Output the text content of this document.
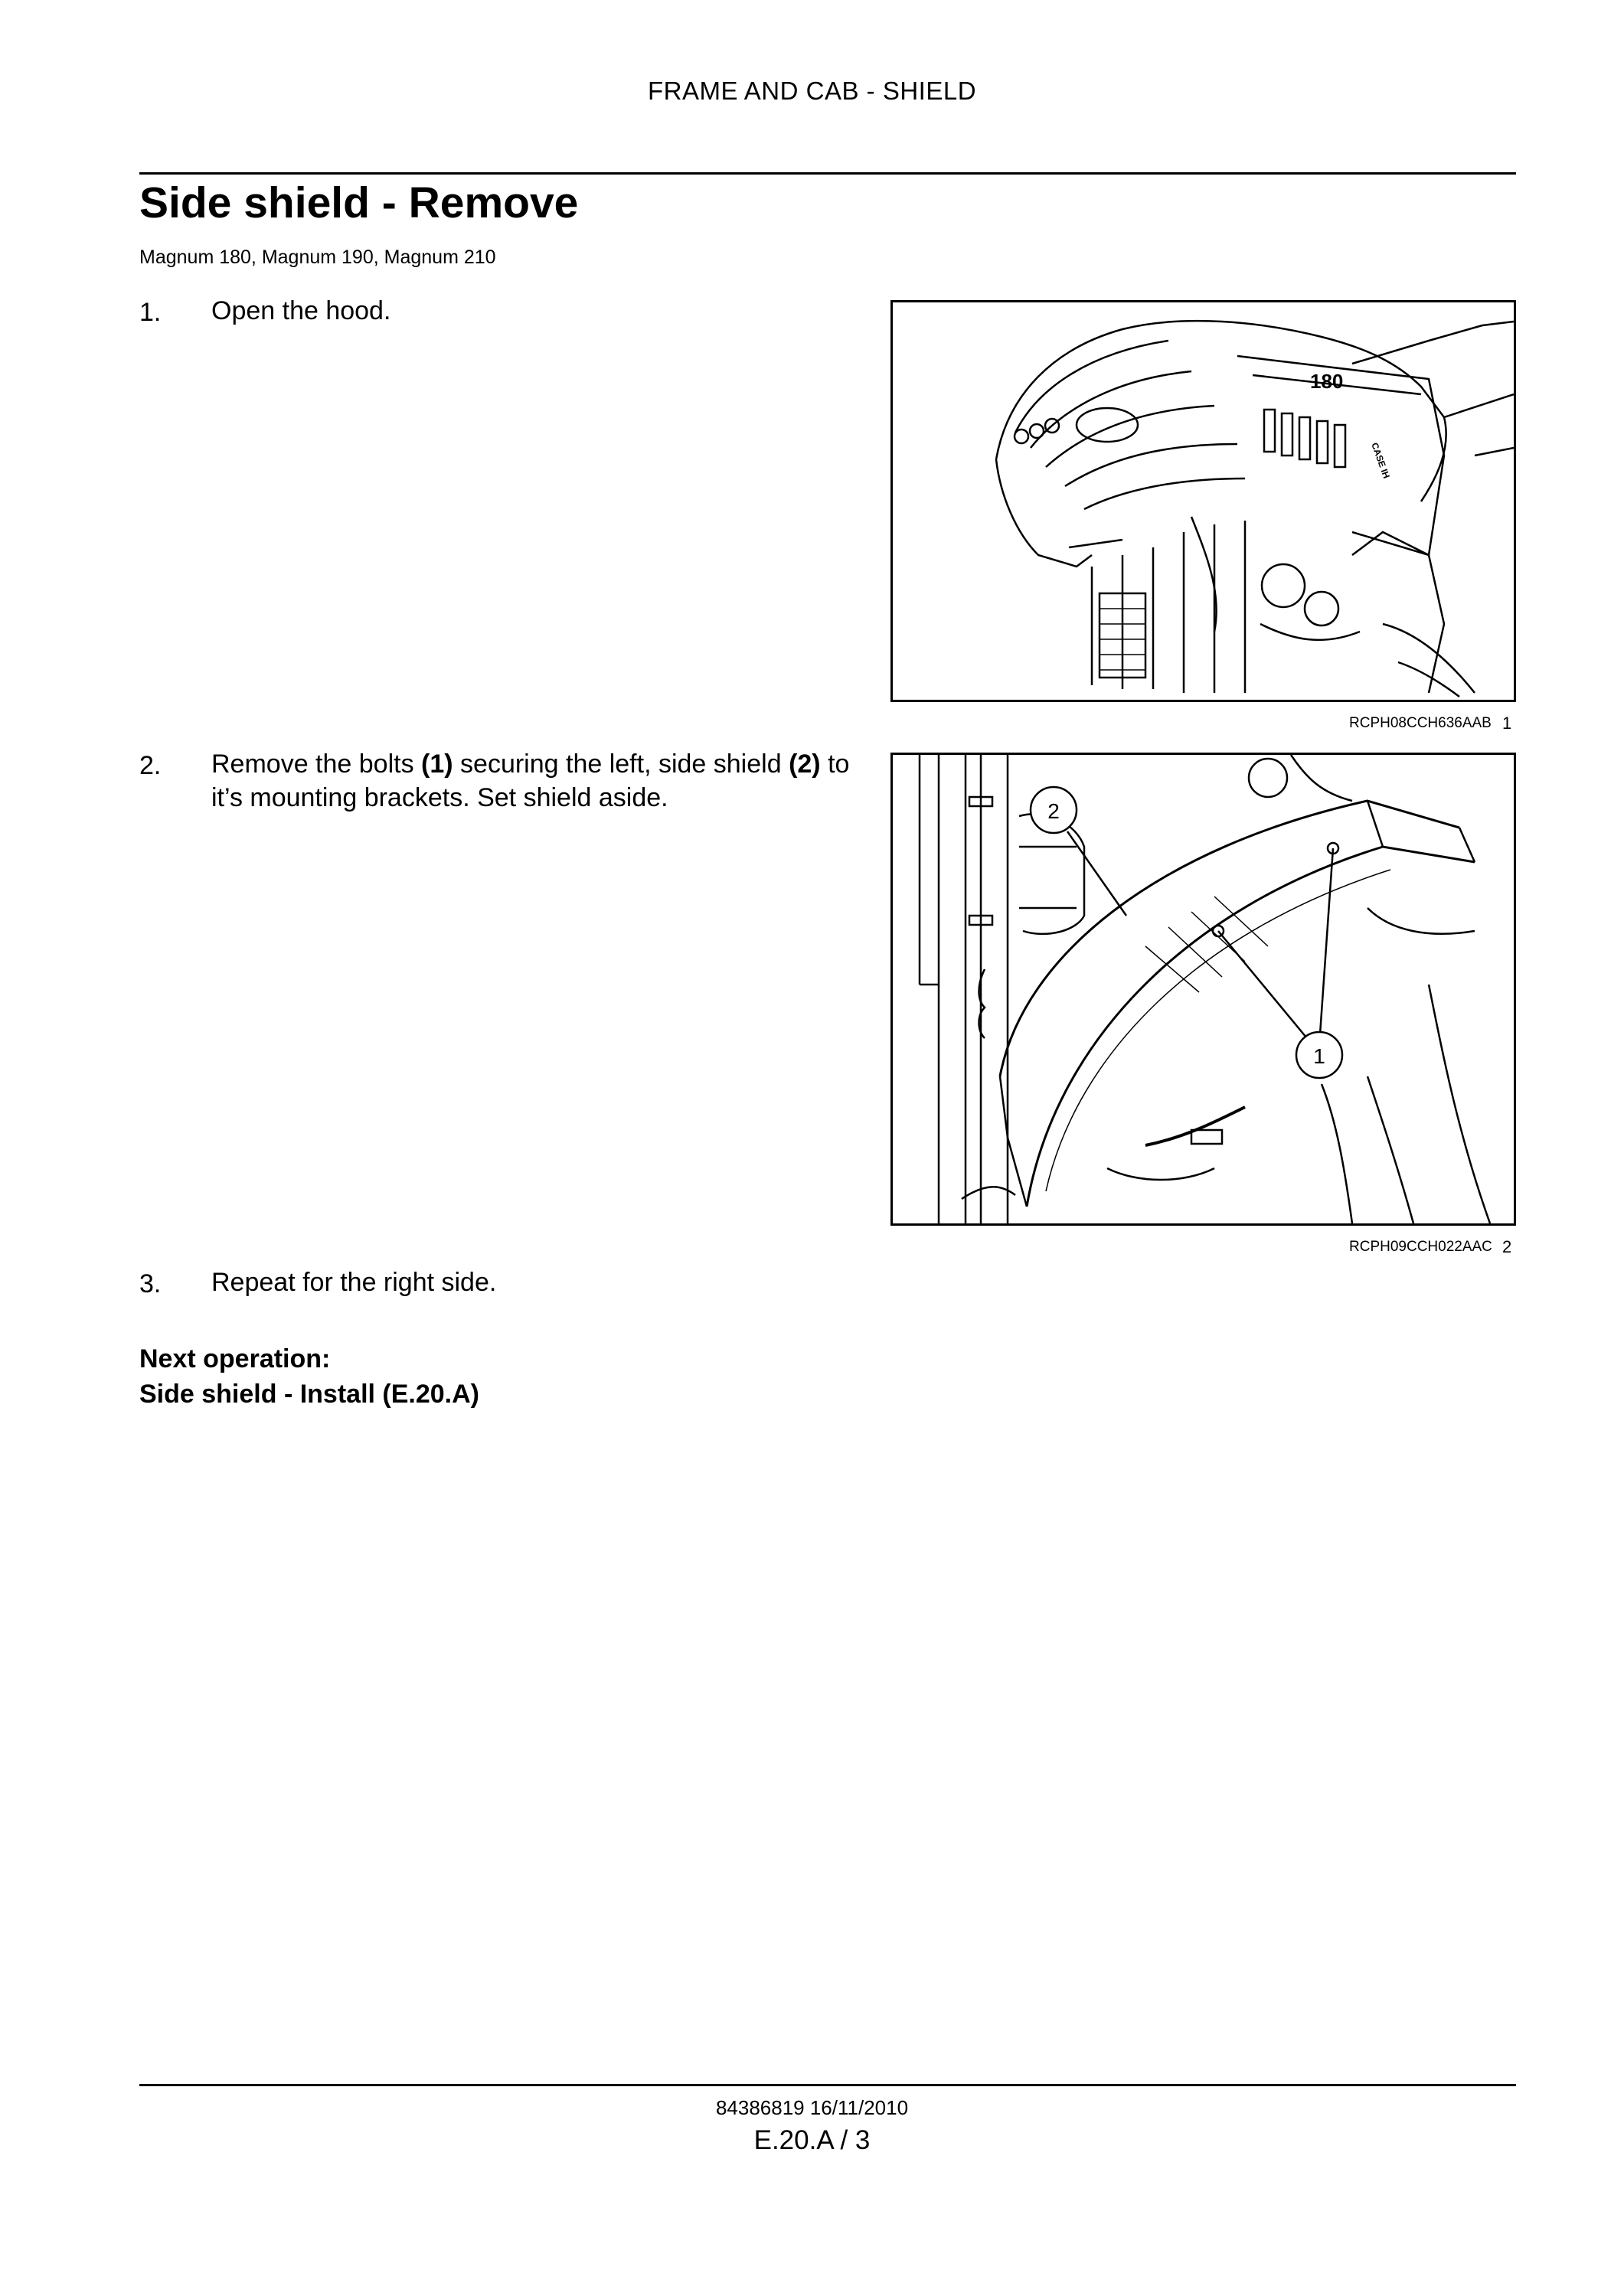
FRAME AND CAB - SHIELD
Side shield - Remove
Magnum 180, Magnum 190, Magnum 210
1. Open the hood.
180
CASE IH
RCPH08CCH636AAB 1
2. Remove the bolts (1) securing the left, side shield (2) to it’s mounting brackets. Set shield aside.	2
1
RCPH09CCH022AAC 2
3. Repeat for the right side.
Next operation:
Side shield - Install (E.20.A)
84386819 16/11/2010
E.20.A / 3
